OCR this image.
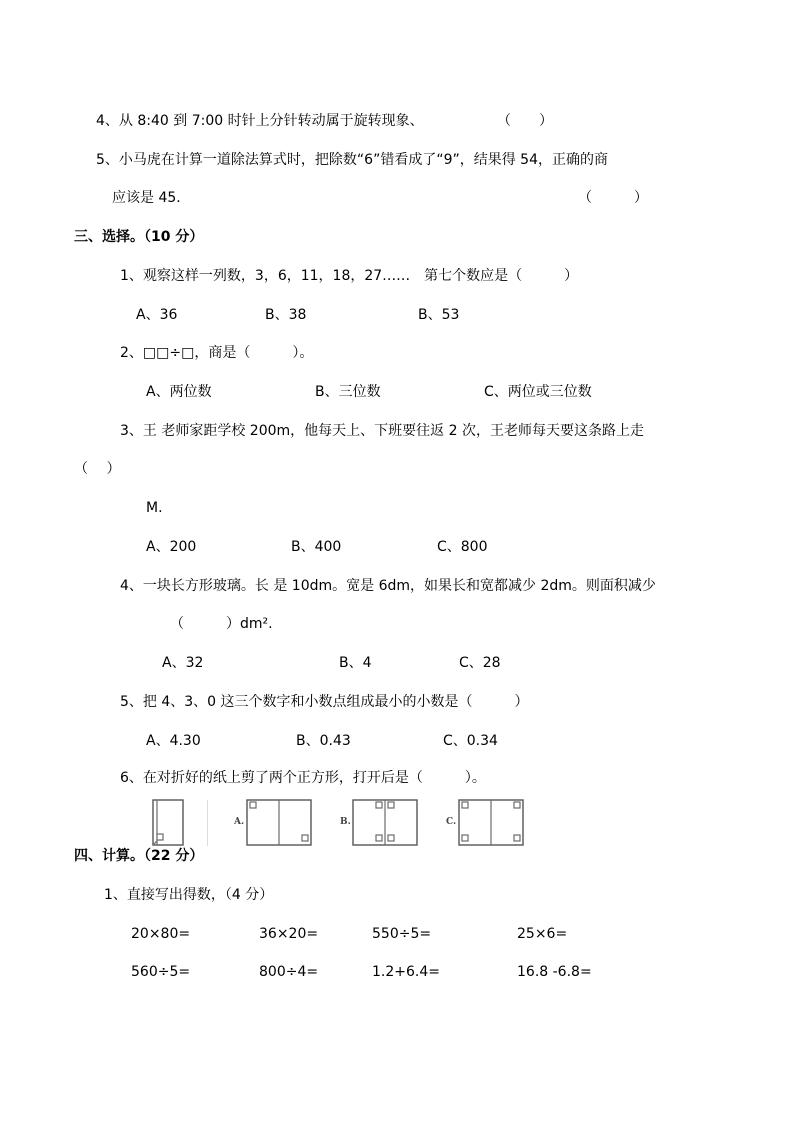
4、从 8:40 到 7:00 时针上分针转动属于旋转现象、	（　　）
5、小马虎在计算一道除法算式时，把除数“6”错看成了“9”，结果得 54，正确的商
应该是 45.	（　　　）
三、选择。（10 分）
1、观察这样一列数，3，6，11，18，27……　第七个数应是（　　　）
A、36	B、38	B、53
2、□□÷□，商是（　　　）。
A、两位数	B、三位数	C、两位或三位数
3、王 老师家距学校 200m，他每天上、下班要往返 2 次，王老师每天要这条路上走
（　 ）
M.
A、200	B、400	C、800
4、一块长方形玻璃。长 是 10dm。宽是 6dm，如果长和宽都减少 2dm。则面积减少
（　　　）dm².
A、32	B、4	C、28
5、把 4、3、0 这三个数字和小数点组成最小的小数是（　　　）
A、4.30	B、0.43	C、0.34
6、在对折好的纸上剪了两个正方形，打开后是（　　　）。
A.	B.	C.
四、计算。（22 分）
1、直接写出得数，（4 分）
20×80=	36×20=	550÷5=	25×6=
560÷5=	800÷4=	1.2+6.4=	16.8 -6.8=
